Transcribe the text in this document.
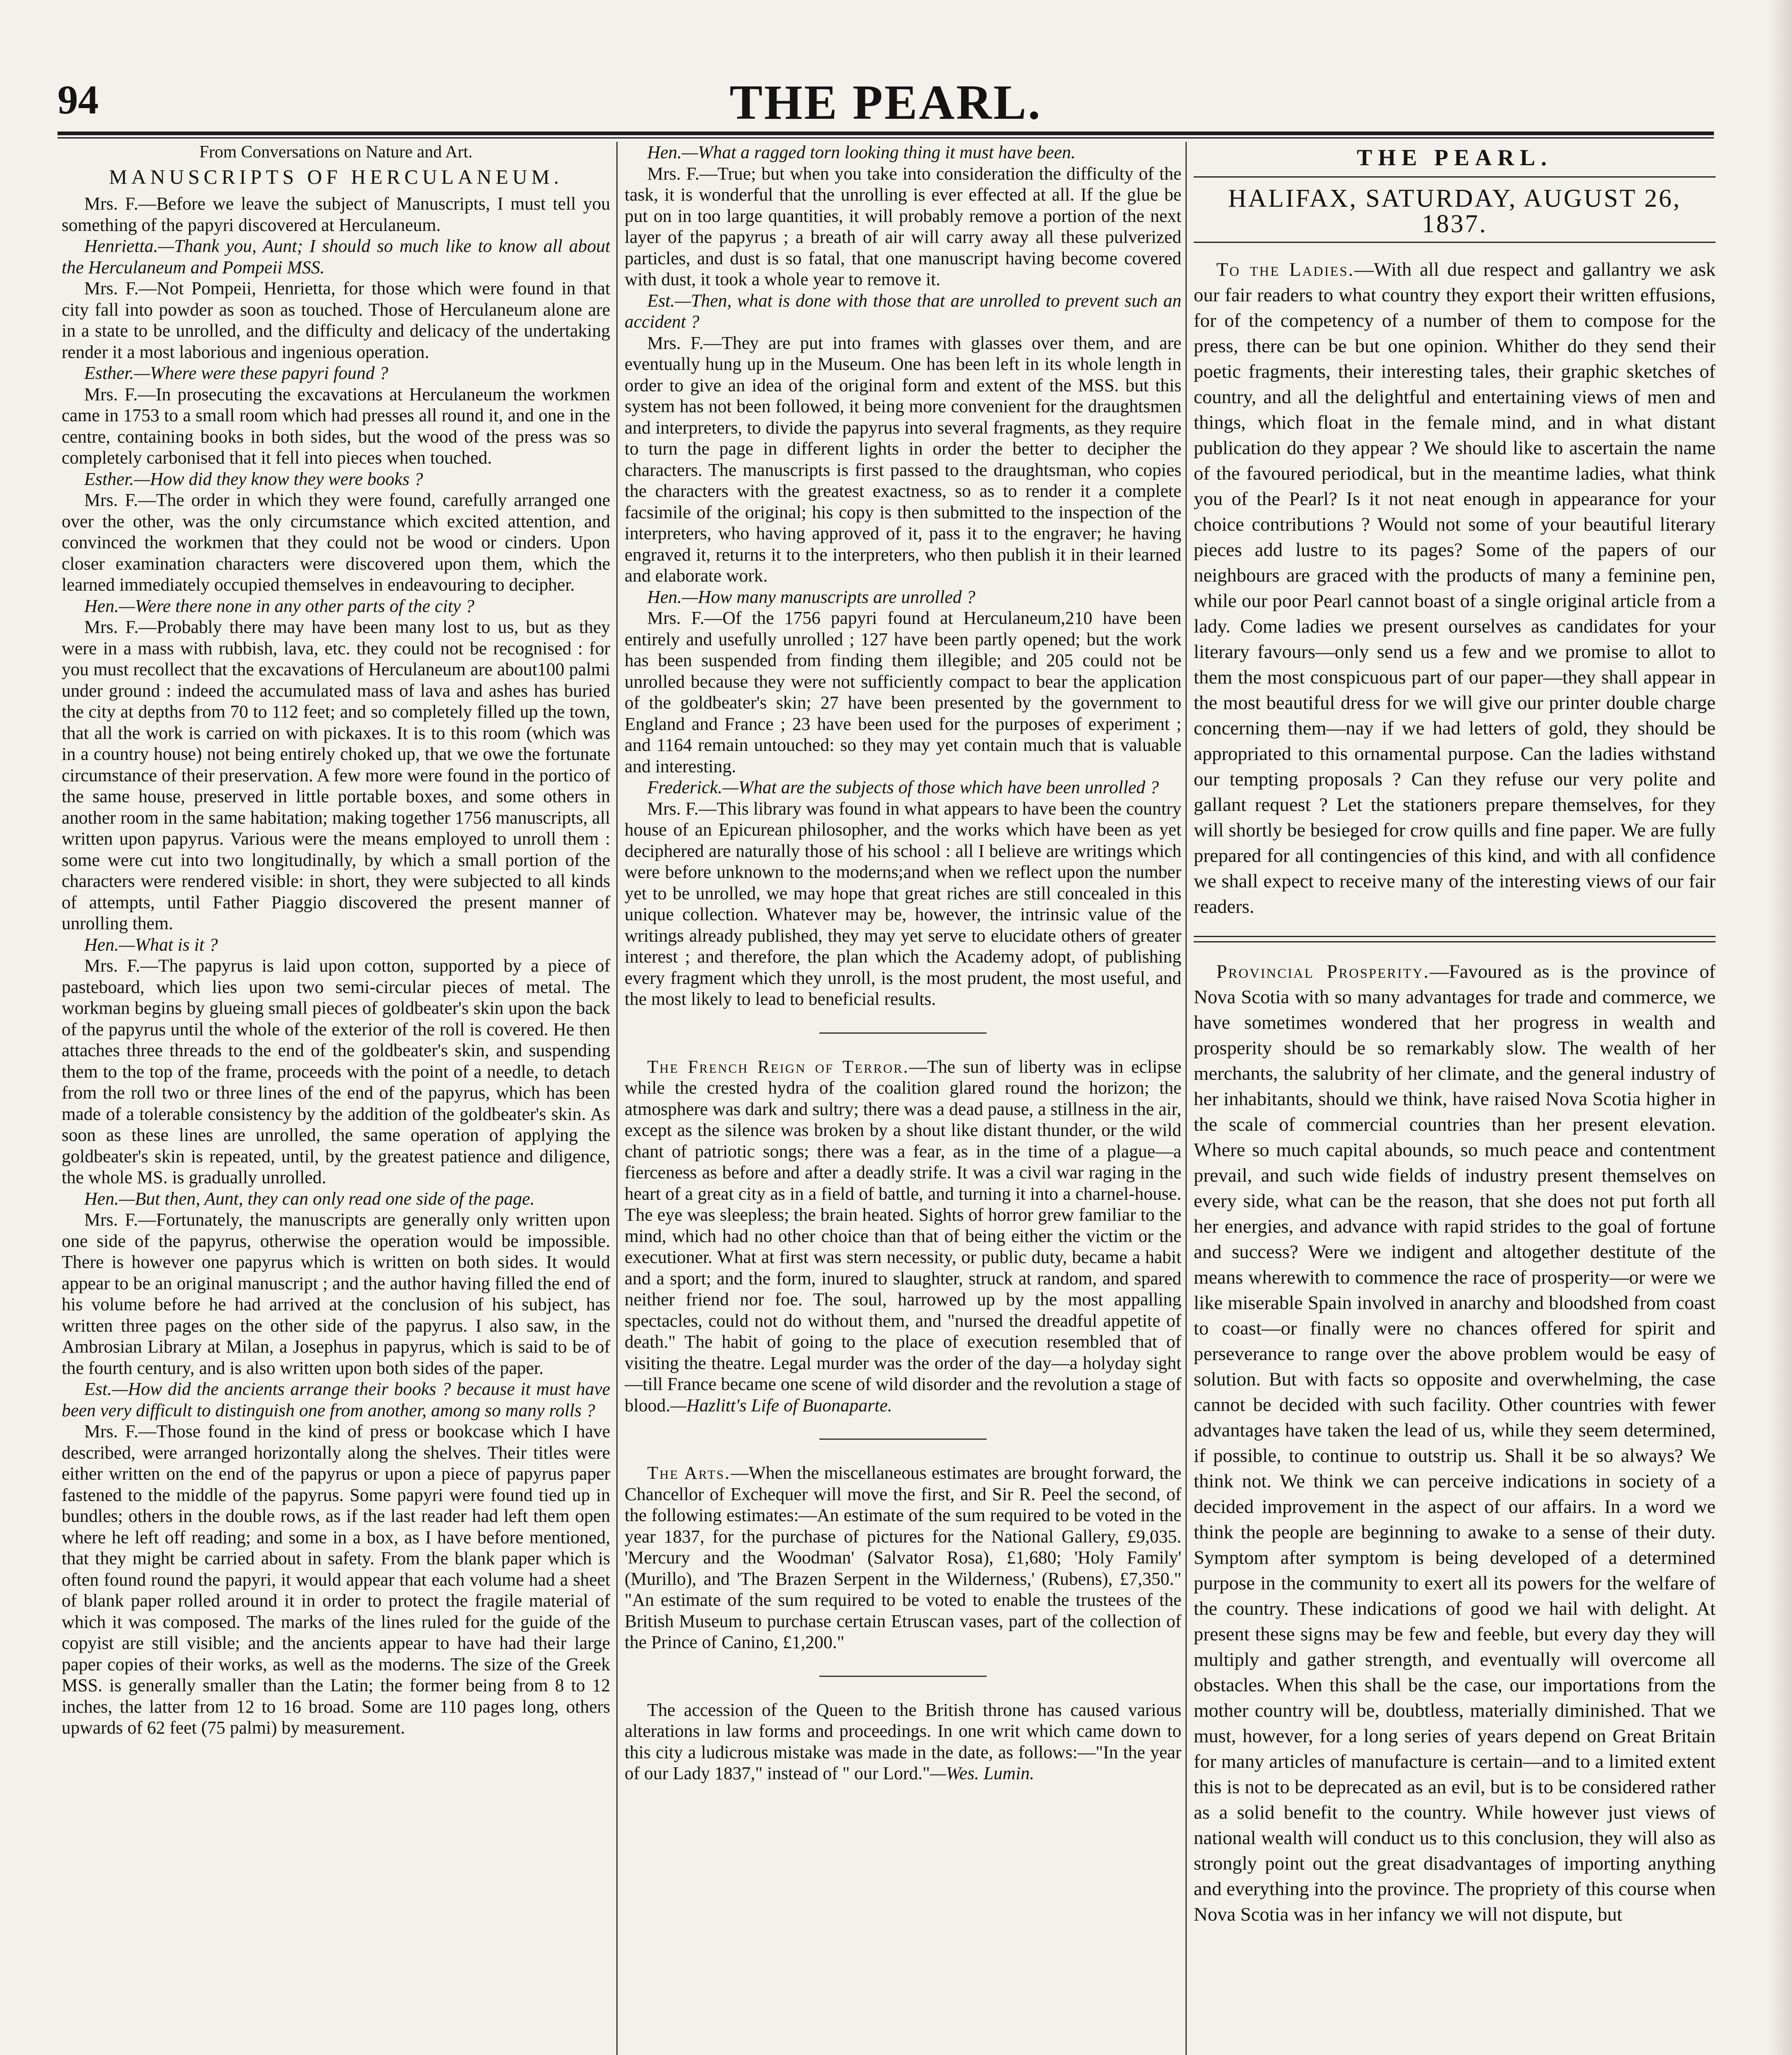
94	THE PEARL.
From Conversations on Nature and Art.
MANUSCRIPTS OF HERCULANEUM.

Mrs. F.—Before we leave the subject of Manuscripts, I must tell you something of the papyri discovered at Herculaneum.

Henrietta.—Thank you, Aunt; I should so much like to know all about the Herculaneum and Pompeii MSS.

Mrs. F.—Not Pompeii, Henrietta, for those which were found in that city fall into powder as soon as touched. Those of Herculaneum alone are in a state to be unrolled, and the difficulty and delicacy of the undertaking render it a most laborious and ingenious operation.

Esther.—Where were these papyri found ?

Mrs. F.—In prosecuting the excavations at Herculaneum the workmen came in 1753 to a small room which had presses all round it, and one in the centre, containing books in both sides, but the wood of the press was so completely carbonised that it fell into pieces when touched.

Esther.—How did they know they were books ?

Mrs. F.—The order in which they were found, carefully arranged one over the other, was the only circumstance which excited attention, and convinced the workmen that they could not be wood or cinders. Upon closer examination characters were discovered upon them, which the learned immediately occupied themselves in endeavouring to decipher.

Hen.—Were there none in any other parts of the city ?

Mrs. F.—Probably there may have been many lost to us, but as they were in a mass with rubbish, lava, etc. they could not be recognised : for you must recollect that the excavations of Herculaneum are about100 palmi under ground : indeed the accumulated mass of lava and ashes has buried the city at depths from 70 to 112 feet; and so completely filled up the town, that all the work is carried on with pickaxes. It is to this room (which was in a country house) not being entirely choked up, that we owe the fortunate circumstance of their preservation. A few more were found in the portico of the same house, preserved in little portable boxes, and some others in another room in the same habitation; making together 1756 manuscripts, all written upon papyrus. Various were the means employed to unroll them : some were cut into two longitudinally, by which a small portion of the characters were rendered visible: in short, they were subjected to all kinds of attempts, until Father Piaggio discovered the present manner of unrolling them.

Hen.—What is it ?

Mrs. F.—The papyrus is laid upon cotton, supported by a piece of pasteboard, which lies upon two semi-circular pieces of metal. The workman begins by glueing small pieces of goldbeater's skin upon the back of the papyrus until the whole of the exterior of the roll is covered. He then attaches three threads to the end of the goldbeater's skin, and suspending them to the top of the frame, proceeds with the point of a needle, to detach from the roll two or three lines of the end of the papyrus, which has been made of a tolerable consistency by the addition of the goldbeater's skin. As soon as these lines are unrolled, the same operation of applying the goldbeater's skin is repeated, until, by the greatest patience and diligence, the whole MS. is gradually unrolled.

Hen.—But then, Aunt, they can only read one side of the page.

Mrs. F.—Fortunately, the manuscripts are generally only written upon one side of the papyrus, otherwise the operation would be impossible. There is however one papyrus which is written on both sides. It would appear to be an original manuscript ; and the author having filled the end of his volume before he had arrived at the conclusion of his subject, has written three pages on the other side of the papyrus. I also saw, in the Ambrosian Library at Milan, a Josephus in papyrus, which is said to be of the fourth century, and is also written upon both sides of the paper.

Est.—How did the ancients arrange their books ? because it must have been very difficult to distinguish one from another, among so many rolls ?

Mrs. F.—Those found in the kind of press or bookcase which I have described, were arranged horizontally along the shelves. Their titles were either written on the end of the papyrus or upon a piece of papyrus paper fastened to the middle of the papyrus. Some papyri were found tied up in bundles; others in the double rows, as if the last reader had left them open where he left off reading; and some in a box, as I have before mentioned, that they might be carried about in safety. From the blank paper which is often found round the papyri, it would appear that each volume had a sheet of blank paper rolled around it in order to protect the fragile material of which it was composed. The marks of the lines ruled for the guide of the copyist are still visible; and the ancients appear to have had their large paper copies of their works, as well as the moderns. The size of the Greek MSS. is generally smaller than the Latin; the former being from 8 to 12 inches, the latter from 12 to 16 broad. Some are 110 pages long, others upwards of 62 feet (75 palmi) by measurement.

Hen.—What a ragged torn looking thing it must have been.

Mrs. F.—True; but when you take into consideration the difficulty of the task, it is wonderful that the unrolling is ever effected at all. If the glue be put on in too large quantities, it will probably remove a portion of the next layer of the papyrus ; a breath of air will carry away all these pulverized particles, and dust is so fatal, that one manuscript having become covered with dust, it took a whole year to remove it.

Est.—Then, what is done with those that are unrolled to prevent such an accident ?

Mrs. F.—They are put into frames with glasses over them, and are eventually hung up in the Museum. One has been left in its whole length in order to give an idea of the original form and extent of the MSS. but this system has not been followed, it being more convenient for the draughtsmen and interpreters, to divide the papyrus into several fragments, as they require to turn the page in different lights in order the better to decipher the characters. The manuscripts is first passed to the draughtsman, who copies the characters with the greatest exactness, so as to render it a complete facsimile of the original; his copy is then submitted to the inspection of the interpreters, who having approved of it, pass it to the engraver; he having engraved it, returns it to the interpreters, who then publish it in their learned and elaborate work.

Hen.—How many manuscripts are unrolled ?

Mrs. F.—Of the 1756 papyri found at Herculaneum,210 have been entirely and usefully unrolled ; 127 have been partly opened; but the work has been suspended from finding them illegible; and 205 could not be unrolled because they were not sufficiently compact to bear the application of the goldbeater's skin; 27 have been presented by the government to England and France ; 23 have been used for the purposes of experiment ; and 1164 remain untouched: so they may yet contain much that is valuable and interesting.

Frederick.—What are the subjects of those which have been unrolled ?

Mrs. F.—This library was found in what appears to have been the country house of an Epicurean philosopher, and the works which have been as yet deciphered are naturally those of his school : all I believe are writings which were before unknown to the moderns;and when we reflect upon the number yet to be unrolled, we may hope that great riches are still concealed in this unique collection. Whatever may be, however, the intrinsic value of the writings already published, they may yet serve to elucidate others of greater interest ; and therefore, the plan which the Academy adopt, of publishing every fragment which they unroll, is the most prudent, the most useful, and the most likely to lead to beneficial results.

The French Reign of Terror.—The sun of liberty was in eclipse while the crested hydra of the coalition glared round the horizon; the atmosphere was dark and sultry; there was a dead pause, a stillness in the air, except as the silence was broken by a shout like distant thunder, or the wild chant of patriotic songs; there was a fear, as in the time of a plague—a fierceness as before and after a deadly strife. It was a civil war raging in the heart of a great city as in a field of battle, and turning it into a charnel-house. The eye was sleepless; the brain heated. Sights of horror grew familiar to the mind, which had no other choice than that of being either the victim or the executioner. What at first was stern necessity, or public duty, became a habit and a sport; and the form, inured to slaughter, struck at random, and spared neither friend nor foe. The soul, harrowed up by the most appalling spectacles, could not do without them, and "nursed the dreadful appetite of death." The habit of going to the place of execution resembled that of visiting the theatre. Legal murder was the order of the day—a holyday sight—till France became one scene of wild disorder and the revolution a stage of blood.—Hazlitt's Life of Buonaparte.

The Arts.—When the miscellaneous estimates are brought forward, the Chancellor of Exchequer will move the first, and Sir R. Peel the second, of the following estimates:—An estimate of the sum required to be voted in the year 1837, for the purchase of pictures for the National Gallery, £9,035. 'Mercury and the Woodman' (Salvator Rosa), £1,680; 'Holy Family' (Murillo), and 'The Brazen Serpent in the Wilderness,' (Rubens), £7,350." "An estimate of the sum required to be voted to enable the trustees of the British Museum to purchase certain Etruscan vases, part of the collection of the Prince of Canino, £1,200."

The accession of the Queen to the British throne has caused various alterations in law forms and proceedings. In one writ which came down to this city a ludicrous mistake was made in the date, as follows:—"In the year of our Lady 1837," instead of " our Lord."—Wes. Lumin.

THE PEARL.
HALIFAX, SATURDAY, AUGUST 26, 1837.

To the Ladies.—With all due respect and gallantry we ask our fair readers to what country they export their written effusions, for of the competency of a number of them to compose for the press, there can be but one opinion. Whither do they send their poetic fragments, their interesting tales, their graphic sketches of country, and all the delightful and entertaining views of men and things, which float in the female mind, and in what distant publication do they appear ? We should like to ascertain the name of the favoured periodical, but in the meantime ladies, what think you of the Pearl? Is it not neat enough in appearance for your choice contributions ? Would not some of your beautiful literary pieces add lustre to its pages? Some of the papers of our neighbours are graced with the products of many a feminine pen, while our poor Pearl cannot boast of a single original article from a lady. Come ladies we present ourselves as candidates for your literary favours—only send us a few and we promise to allot to them the most conspicuous part of our paper—they shall appear in the most beautiful dress for we will give our printer double charge concerning them—nay if we had letters of gold, they should be appropriated to this ornamental purpose. Can the ladies withstand our tempting proposals ? Can they refuse our very polite and gallant request ? Let the stationers prepare themselves, for they will shortly be besieged for crow quills and fine paper. We are fully prepared for all contingencies of this kind, and with all confidence we shall expect to receive many of the interesting views of our fair readers.

Provincial Prosperity.—Favoured as is the province of Nova Scotia with so many advantages for trade and commerce, we have sometimes wondered that her progress in wealth and prosperity should be so remarkably slow. The wealth of her merchants, the salubrity of her climate, and the general industry of her inhabitants, should we think, have raised Nova Scotia higher in the scale of commercial countries than her present elevation. Where so much capital abounds, so much peace and contentment prevail, and such wide fields of industry present themselves on every side, what can be the reason, that she does not put forth all her energies, and advance with rapid strides to the goal of fortune and success? Were we indigent and altogether destitute of the means wherewith to commence the race of prosperity—or were we like miserable Spain involved in anarchy and bloodshed from coast to coast—or finally were no chances offered for spirit and perseverance to range over the above problem would be easy of solution. But with facts so opposite and overwhelming, the case cannot be decided with such facility. Other countries with fewer advantages have taken the lead of us, while they seem determined, if possible, to continue to outstrip us. Shall it be so always? We think not. We think we can perceive indications in society of a decided improvement in the aspect of our affairs. In a word we think the people are beginning to awake to a sense of their duty. Symptom after symptom is being developed of a determined purpose in the community to exert all its powers for the welfare of the country. These indications of good we hail with delight. At present these signs may be few and feeble, but every day they will multiply and gather strength, and eventually will overcome all obstacles. When this shall be the case, our importations from the mother country will be, doubtless, materially diminished. That we must, however, for a long series of years depend on Great Britain for many articles of manufacture is certain—and to a limited extent this is not to be deprecated as an evil, but is to be considered rather as a solid benefit to the country. While however just views of national wealth will conduct us to this conclusion, they will also as strongly point out the great disadvantages of importing anything and everything into the province. The propriety of this course when Nova Scotia was in her infancy we will not dispute, but
